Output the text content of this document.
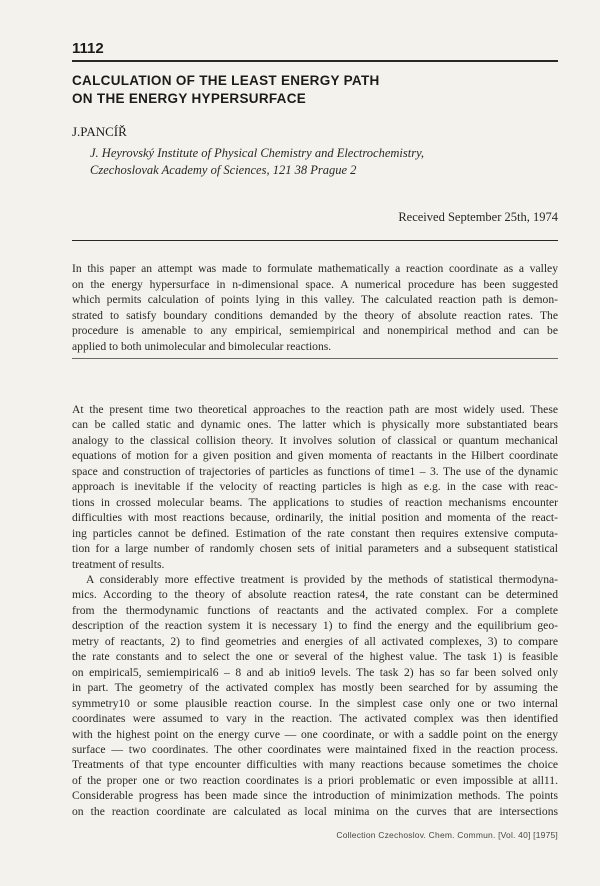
1112
CALCULATION OF THE LEAST ENERGY PATH
ON THE ENERGY HYPERSURFACE
J.PANCÍŘ
J. Heyrovský Institute of Physical Chemistry and Electrochemistry,
Czechoslovak Academy of Sciences, 121 38 Prague 2
Received September 25th, 1974
In this paper an attempt was made to formulate mathematically a reaction coordinate as a valley
on the energy hypersurface in n-dimensional space. A numerical procedure has been suggested
which permits calculation of points lying in this valley. The calculated reaction path is demon-
strated to satisfy boundary conditions demanded by the theory of absolute reaction rates. The
procedure is amenable to any empirical, semiempirical and nonempirical method and can be
applied to both unimolecular and bimolecular reactions.
At the present time two theoretical approaches to the reaction path are most widely used. These
can be called static and dynamic ones. The latter which is physically more substantiated bears
analogy to the classical collision theory. It involves solution of classical or quantum mechanical
equations of motion for a given position and given momenta of reactants in the Hilbert coordinate
space and construction of trajectories of particles as functions of time1 – 3. The use of the dynamic
approach is inevitable if the velocity of reacting particles is high as e.g. in the case with reac-
tions in crossed molecular beams. The applications to studies of reaction mechanisms encounter
difficulties with most reactions because, ordinarily, the initial position and momenta of the react-
ing particles cannot be defined. Estimation of the rate constant then requires extensive computa-
tion for a large number of randomly chosen sets of initial parameters and a subsequent statistical
treatment of results.
A considerably more effective treatment is provided by the methods of statistical thermodyna-
mics. According to the theory of absolute reaction rates4, the rate constant can be determined
from the thermodynamic functions of reactants and the activated complex. For a complete
description of the reaction system it is necessary 1) to find the energy and the equilibrium geo-
metry of reactants, 2) to find geometries and energies of all activated complexes, 3) to compare
the rate constants and to select the one or several of the highest value. The task 1) is feasible
on empirical5, semiempirical6 – 8 and ab initio9 levels. The task 2) has so far been solved only
in part. The geometry of the activated complex has mostly been searched for by assuming the
symmetry10 or some plausible reaction course. In the simplest case only one or two internal
coordinates were assumed to vary in the reaction. The activated complex was then identified
with the highest point on the energy curve — one coordinate, or with a saddle point on the energy
surface — two coordinates. The other coordinates were maintained fixed in the reaction process.
Treatments of that type encounter difficulties with many reactions because sometimes the choice
of the proper one or two reaction coordinates is a priori problematic or even impossible at all11.
Considerable progress has been made since the introduction of minimization methods. The points
on the reaction coordinate are calculated as local minima on the curves that are intersections
Collection Czechoslov. Chem. Commun. [Vol. 40] [1975]
